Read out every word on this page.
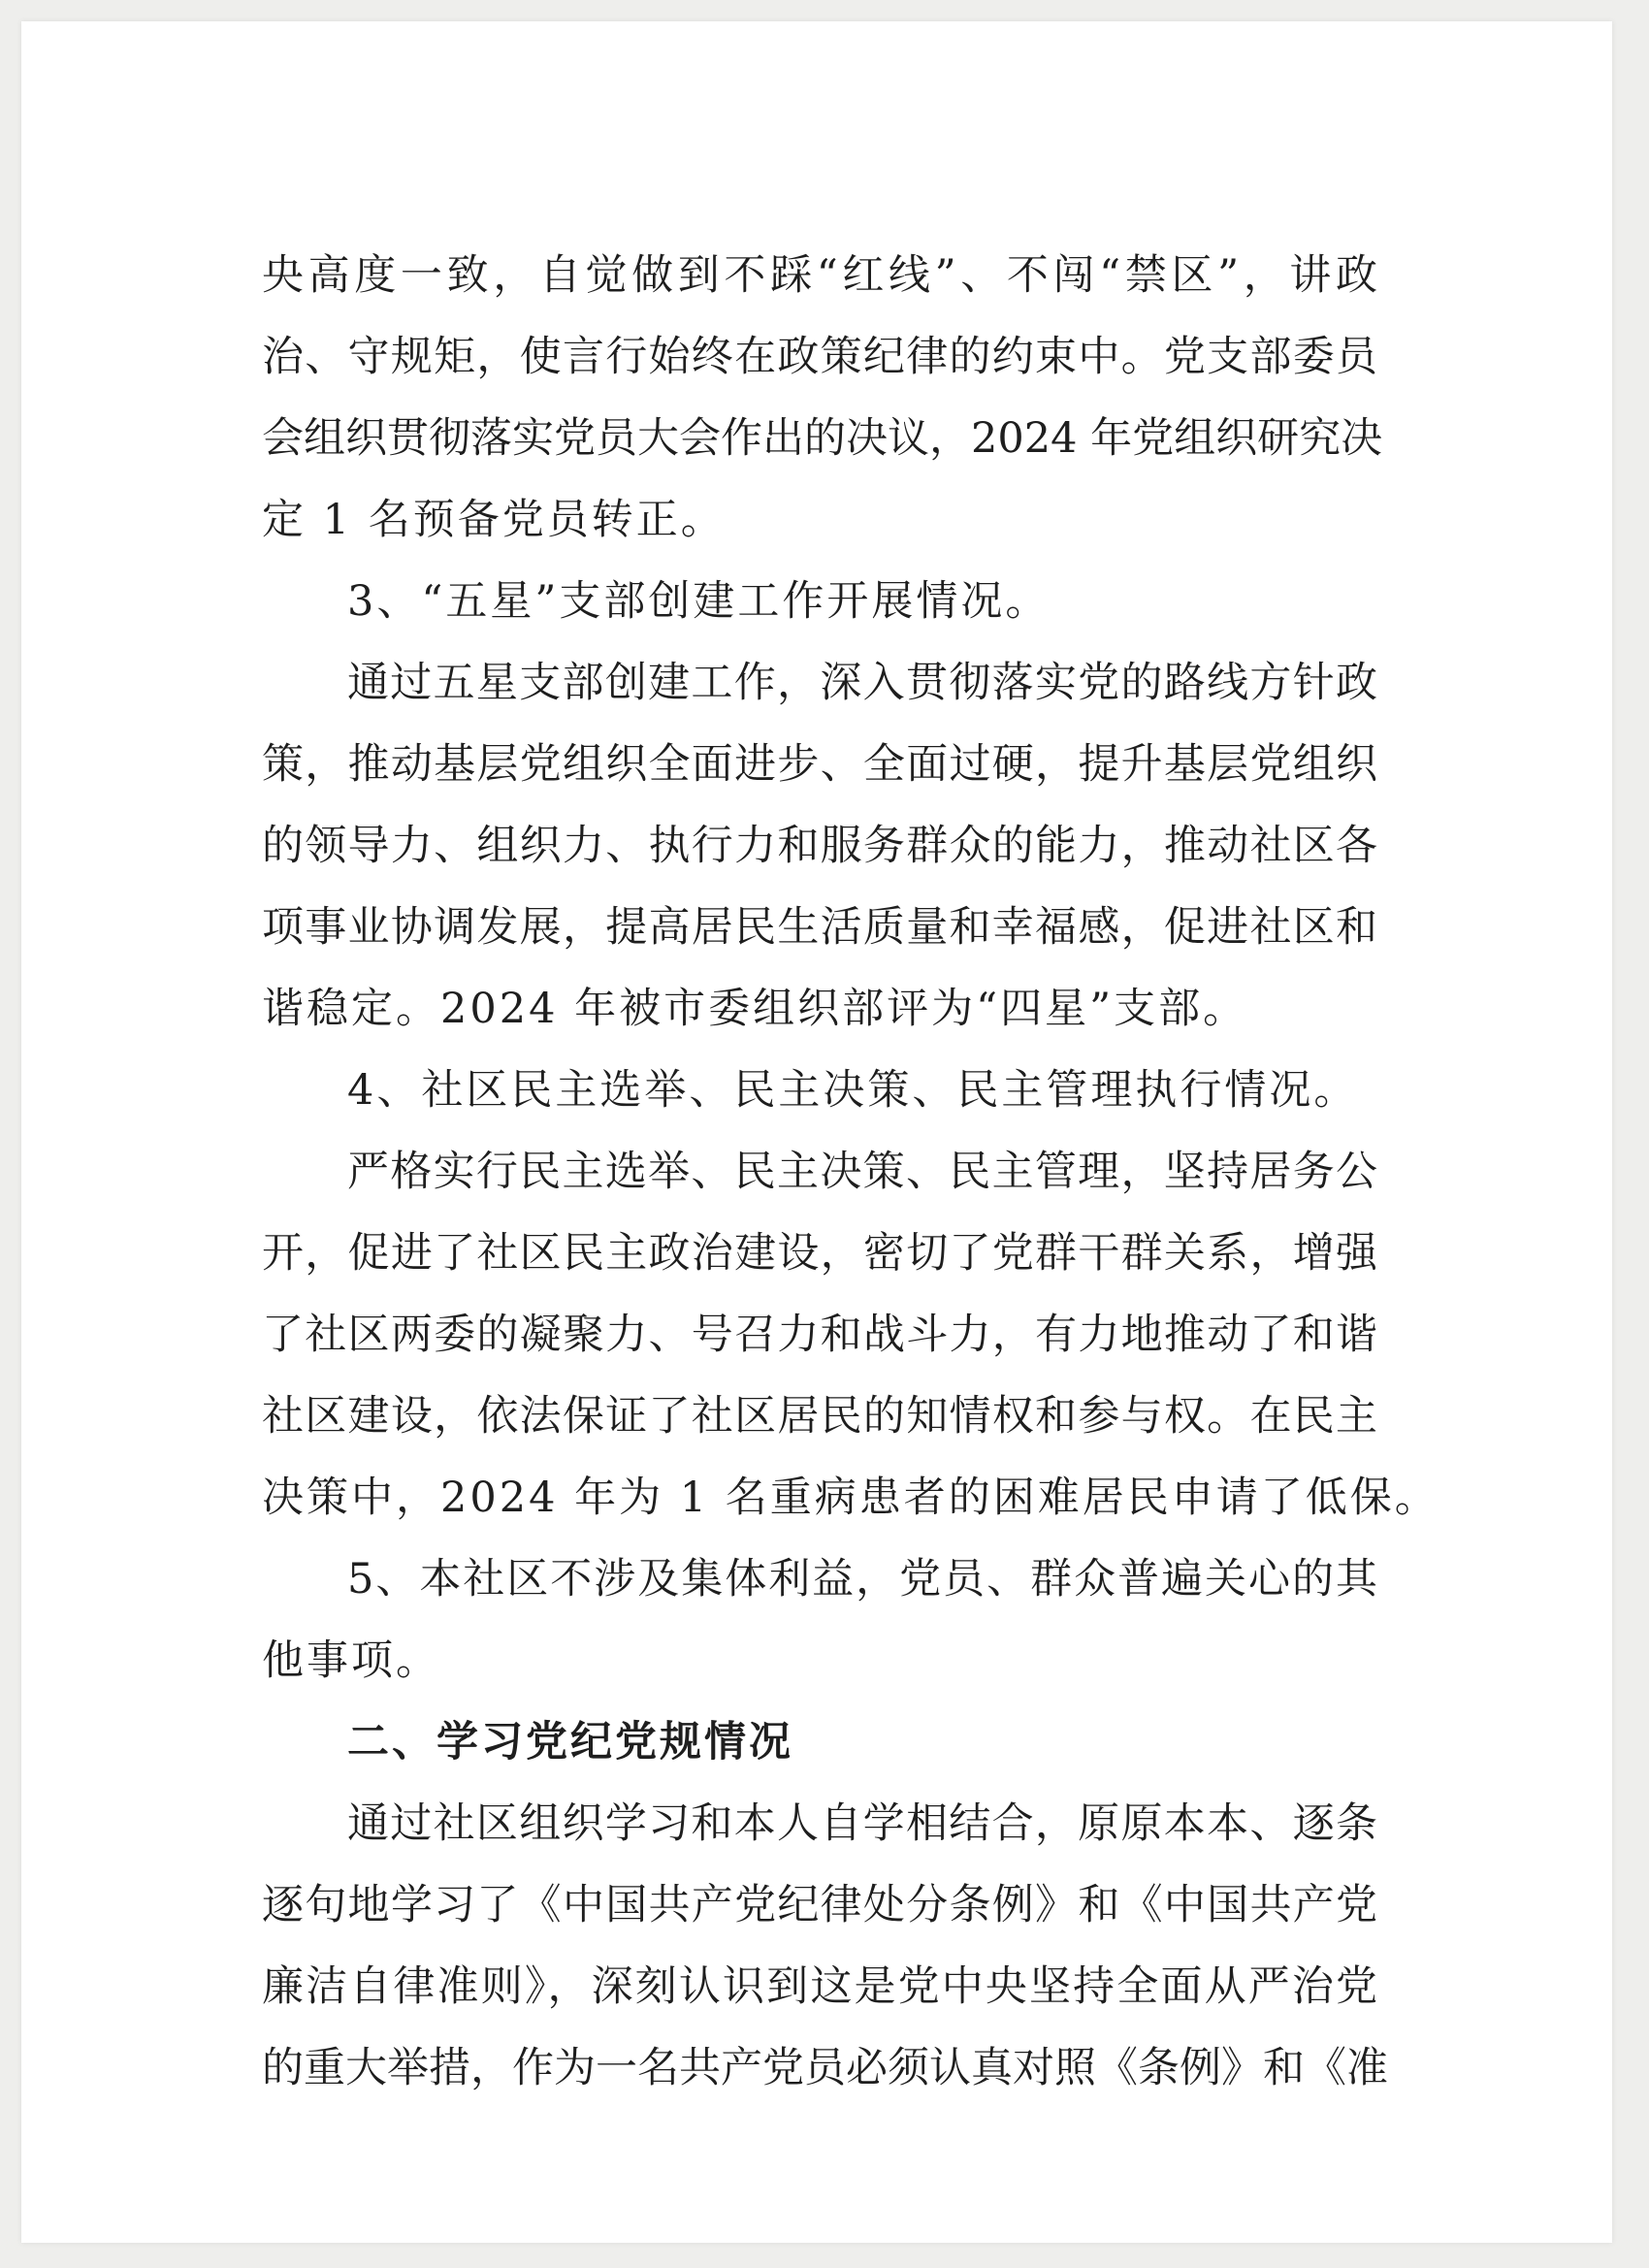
央高度一致，自觉做到不踩“红线”、不闯“禁区”，讲政
治、守规矩，使言行始终在政策纪律的约束中。党支部委员
会组织贯彻落实党员大会作出的决议，2024 年党组织研究决
定 1 名预备党员转正。
3、“五星”支部创建工作开展情况。
通过五星支部创建工作，深入贯彻落实党的路线方针政
策，推动基层党组织全面进步、全面过硬，提升基层党组织
的领导力、组织力、执行力和服务群众的能力，推动社区各
项事业协调发展，提高居民生活质量和幸福感，促进社区和
谐稳定。2024 年被市委组织部评为“四星”支部。
4、社区民主选举、民主决策、民主管理执行情况。
严格实行民主选举、民主决策、民主管理，坚持居务公
开，促进了社区民主政治建设，密切了党群干群关系，增强
了社区两委的凝聚力、号召力和战斗力，有力地推动了和谐
社区建设，依法保证了社区居民的知情权和参与权。在民主
决策中，2024 年为 1 名重病患者的困难居民申请了低保。
5、本社区不涉及集体利益，党员、群众普遍关心的其
他事项。
二、学习党纪党规情况
通过社区组织学习和本人自学相结合，原原本本、逐条
逐句地学习了《中国共产党纪律处分条例》和《中国共产党
廉洁自律准则》，深刻认识到这是党中央坚持全面从严治党
的重大举措，作为一名共产党员必须认真对照《条例》和《准
